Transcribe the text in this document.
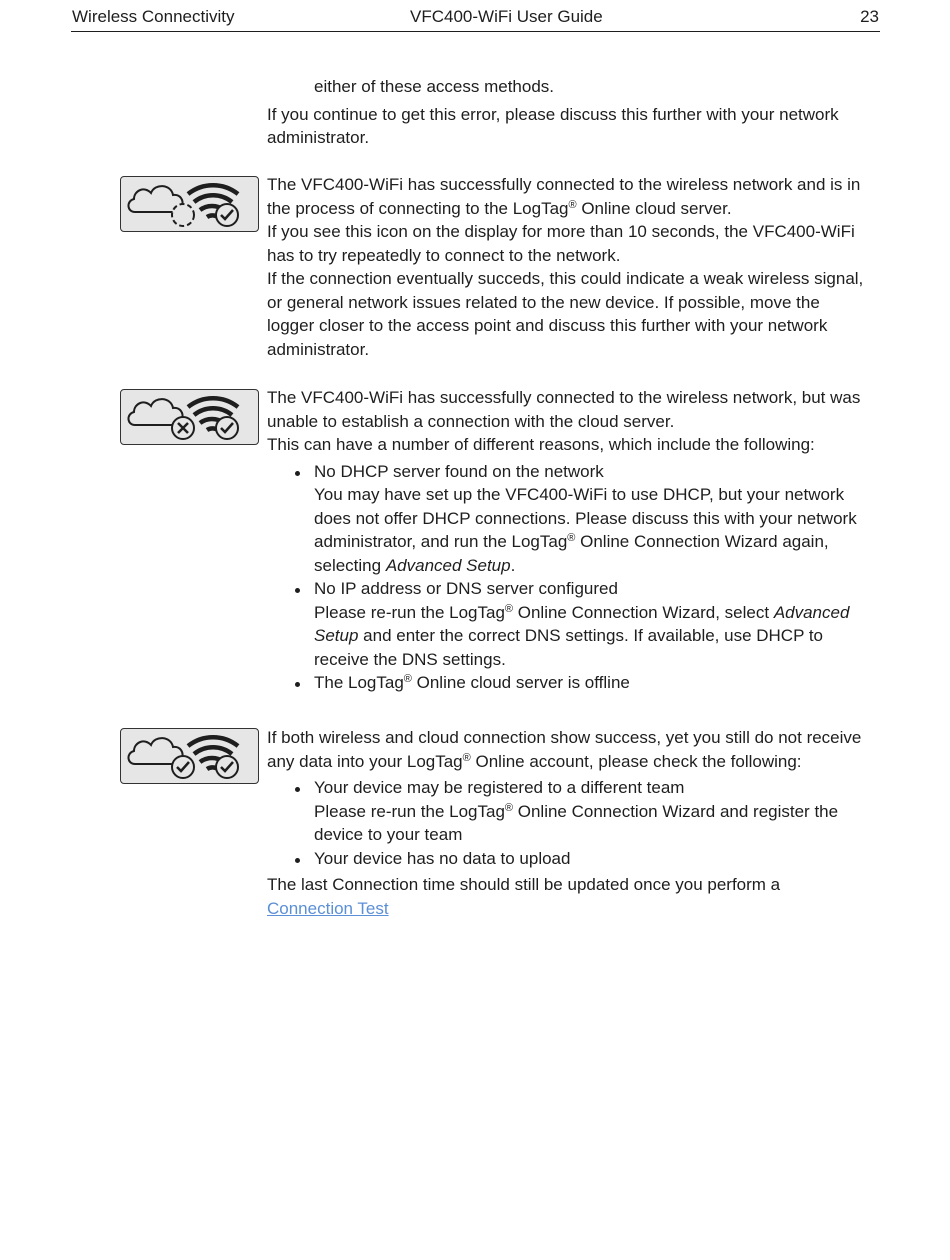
Wireless Connectivity	VFC400-WiFi User Guide	23

either of these access methods.

If you continue to get this error, please discuss this further with your network administrator.

The VFC400-WiFi has successfully connected to the wireless network and is in the process of connecting to the LogTag® Online cloud server.

If you see this icon on the display for more than 10 seconds, the VFC400-WiFi has to try repeatedly to connect to the network.

If the connection eventually succeds, this could indicate a weak wireless signal, or general network issues related to the new device. If possible, move the logger closer to the access point and discuss this further with your network administrator.

The VFC400-WiFi has successfully connected to the wireless network, but was unable to establish a connection with the cloud server.

This can have a number of different reasons, which include the following:

No DHCP server found on the network
You may have set up the VFC400-WiFi to use DHCP, but your network does not offer DHCP connections. Please discuss this with your network administrator, and run the LogTag® Online Connection Wizard again, selecting Advanced Setup.
No IP address or DNS server configured
Please re-run the LogTag® Online Connection Wizard, select Advanced Setup and enter the correct DNS settings. If available, use DHCP to receive the DNS settings.
The LogTag® Online cloud server is offline

If both wireless and cloud connection show success, yet you still do not receive any data into your LogTag® Online account, please check the following:

Your device may be registered to a different team
Please re-run the LogTag® Online Connection Wizard and register the device to your team
Your device has no data to upload

The last Connection time should still be updated once you perform a
Connection Test
